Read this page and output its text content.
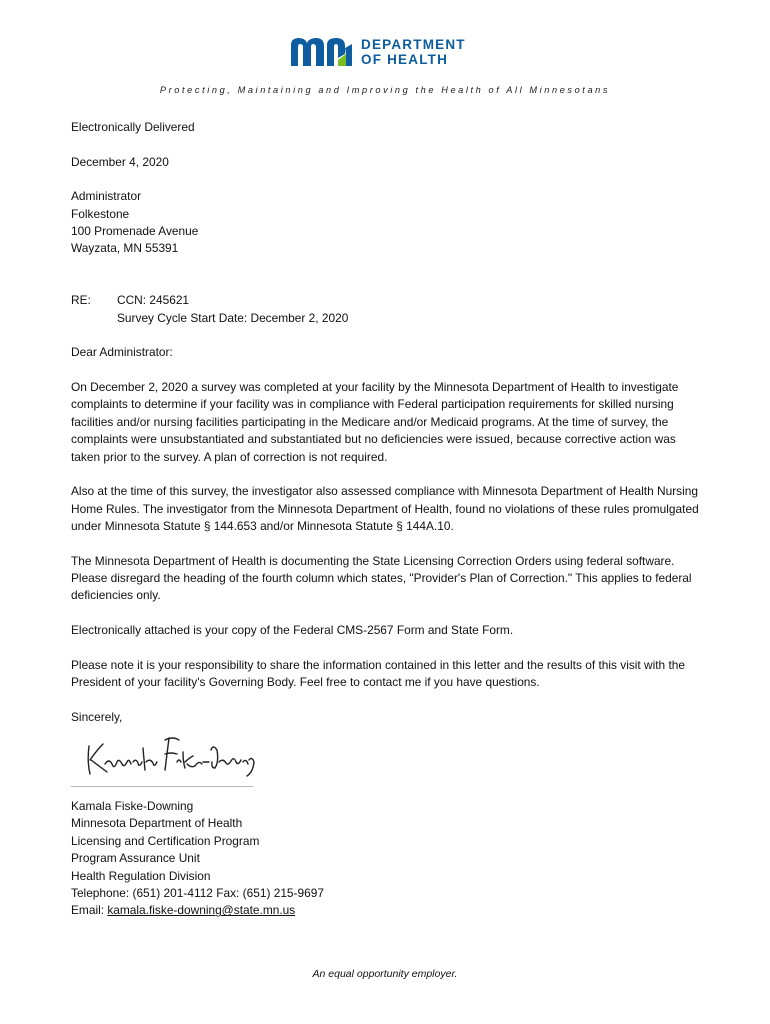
DEPARTMENT
OF HEALTH
Protecting, Maintaining and Improving the Health of All Minnesotans

Electronically Delivered

December 4, 2020

Administrator
Folkestone
100 Promenade Avenue
Wayzata, MN 55391
RE:	CCN: 245621
Survey Cycle Start Date: December 2, 2020

Dear Administrator:

On December 2, 2020 a survey was completed at your facility by the Minnesota Department of Health to investigate complaints to determine if your facility was in compliance with Federal participation requirements for skilled nursing facilities and/or nursing facilities participating in the Medicare and/or Medicaid programs. At the time of survey, the complaints were unsubstantiated and substantiated but no deficiencies were issued, because corrective action was taken prior to the survey. A plan of correction is not required.

Also at the time of this survey, the investigator also assessed compliance with Minnesota Department of Health Nursing Home Rules. The investigator from the Minnesota Department of Health, found no violations of these rules promulgated under Minnesota Statute § 144.653 and/or Minnesota Statute § 144A.10.

The Minnesota Department of Health is documenting the State Licensing Correction Orders using federal software. Please disregard the heading of the fourth column which states, "Provider's Plan of Correction." This applies to federal deficiencies only.

Electronically attached is your copy of the Federal CMS-2567 Form and State Form.

Please note it is your responsibility to share the information contained in this letter and the results of this visit with the President of your facility's Governing Body. Feel free to contact me if you have questions.

Sincerely,

Kamala Fiske-Downing
Minnesota Department of Health
Licensing and Certification Program
Program Assurance Unit
Health Regulation Division
Telephone: (651) 201-4112 Fax: (651) 215-9697
Email: kamala.fiske-downing@state.mn.us
An equal opportunity employer.
